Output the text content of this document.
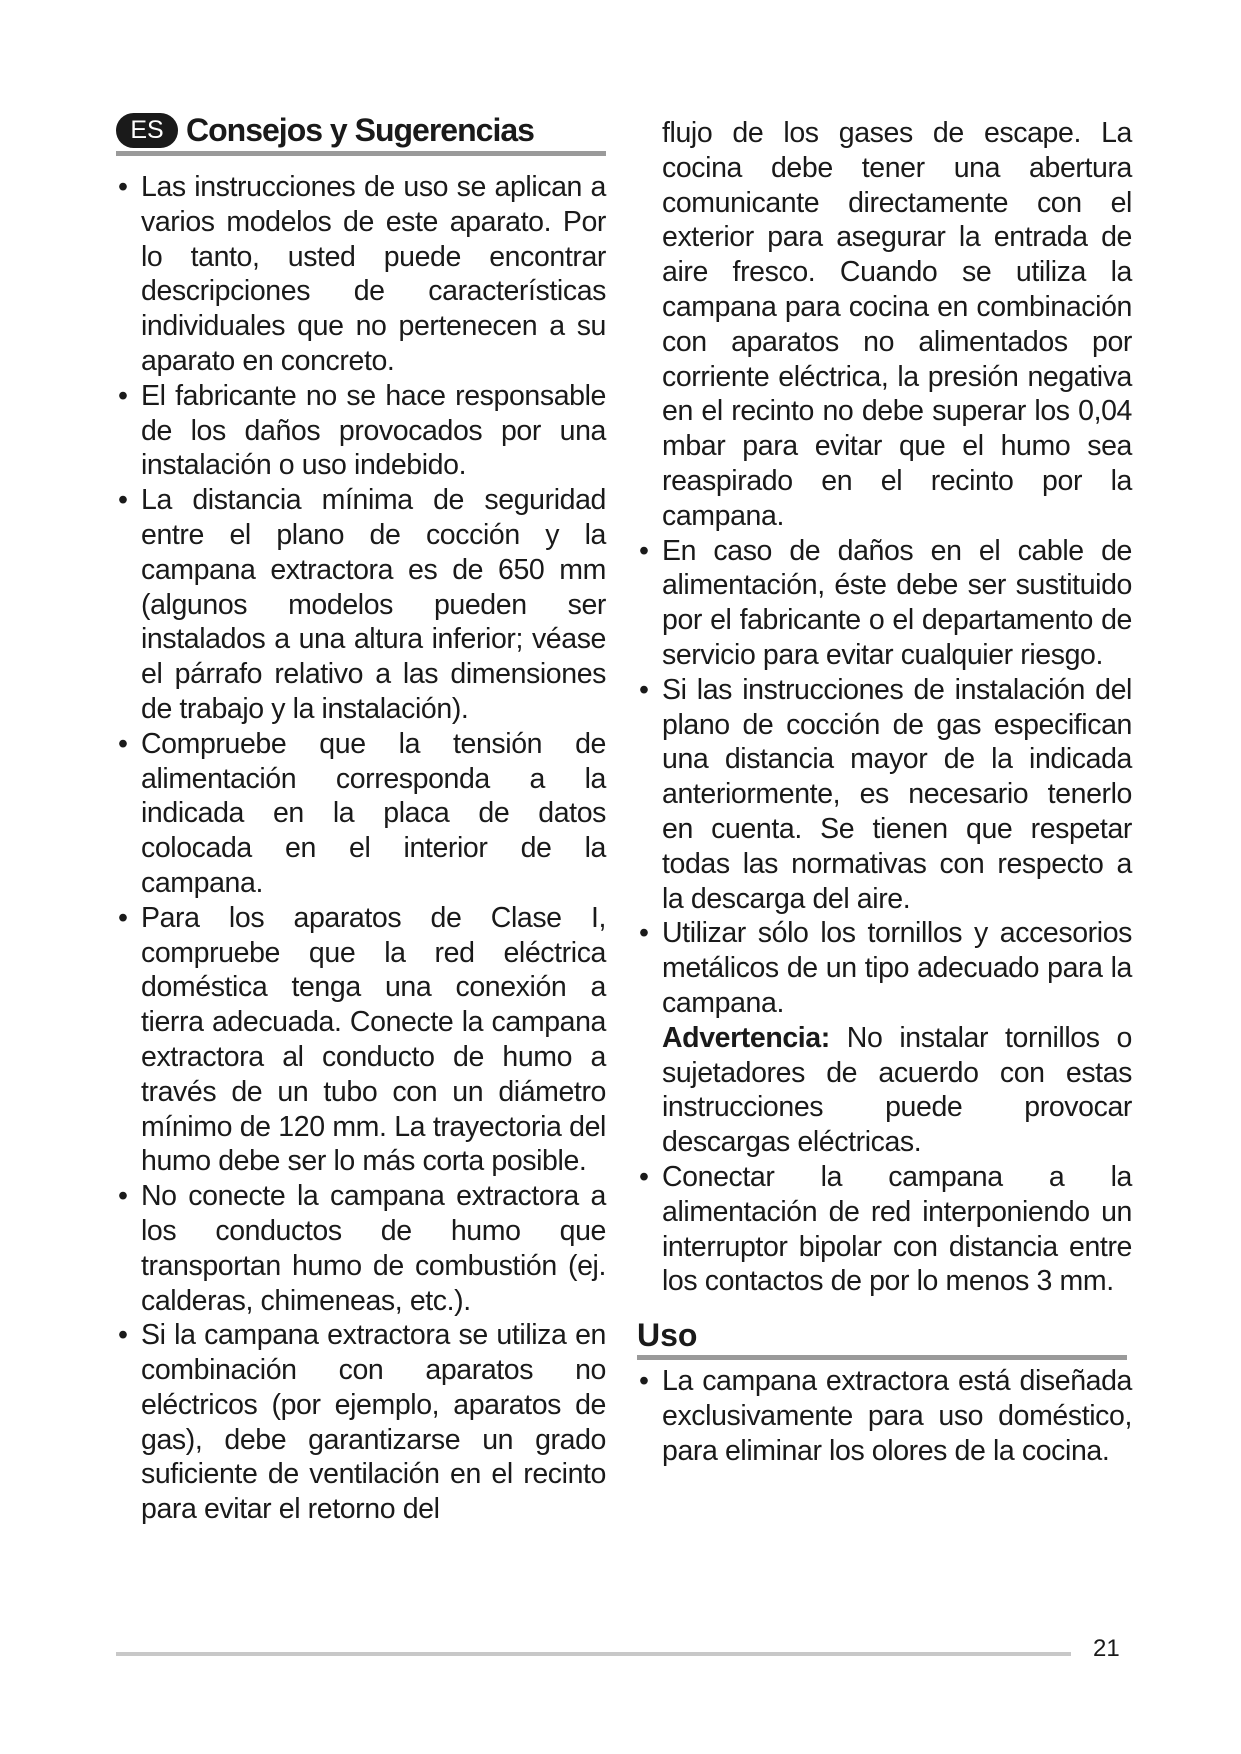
ES Consejos y Sugerencias

• Las instrucciones de uso se aplican a varios modelos de este aparato. Por lo tanto, usted puede encontrar descripciones de características individuales que no pertenecen a su aparato en concreto.

• El fabricante no se hace responsable de los daños provocados por una instalación o uso indebido.

• La distancia mínima de seguridad entre el plano de cocción y la campana extractora es de 650 mm (algunos modelos pueden ser instalados a una altura inferior; véase el párrafo relativo a las dimensiones de trabajo y la instalación).

• Compruebe que la tensión de alimentación corresponda a la indicada en la placa de datos colocada en el interior de la campana.

• Para los aparatos de Clase I, compruebe que la red eléctrica doméstica tenga una conexión a tierra adecuada. Conecte la campana extractora al conducto de humo a través de un tubo con un diámetro mínimo de 120 mm. La trayectoria del humo debe ser lo más corta posible.

• No conecte la campana extractora a los conductos de humo que transportan humo de combustión (ej. calderas, chimeneas, etc.).

• Si la campana extractora se utiliza en combinación con aparatos no eléctricos (por ejemplo, aparatos de gas), debe garantizarse un grado suficiente de ventilación en el recinto para evitar el retorno del

flujo de los gases de escape. La cocina debe tener una abertura comunicante directamente con el exterior para asegurar la entrada de aire fresco. Cuando se utiliza la campana para cocina en combinación con aparatos no alimentados por corriente eléctrica, la presión negativa en el recinto no debe superar los 0,04 mbar para evitar que el humo sea reaspirado en el recinto por la campana.

• En caso de daños en el cable de alimentación, éste debe ser sustituido por el fabricante o el departamento de servicio para evitar cualquier riesgo.

• Si las instrucciones de instalación del plano de cocción de gas especifican una distancia mayor de la indicada anteriormente, es necesario tenerlo en cuenta. Se tienen que respetar todas las normativas con respecto a la descarga del aire.

• Utilizar sólo los tornillos y accesorios metálicos de un tipo adecuado para la campana.

Advertencia: No instalar tornillos o sujetadores de acuerdo con estas instrucciones puede provocar descargas eléctricas.

• Conectar la campana a la alimentación de red interponiendo un interruptor bipolar con distancia entre los contactos de por lo menos 3 mm.

Uso

• La campana extractora está diseñada exclusivamente para uso doméstico, para eliminar los olores de la cocina.

21
